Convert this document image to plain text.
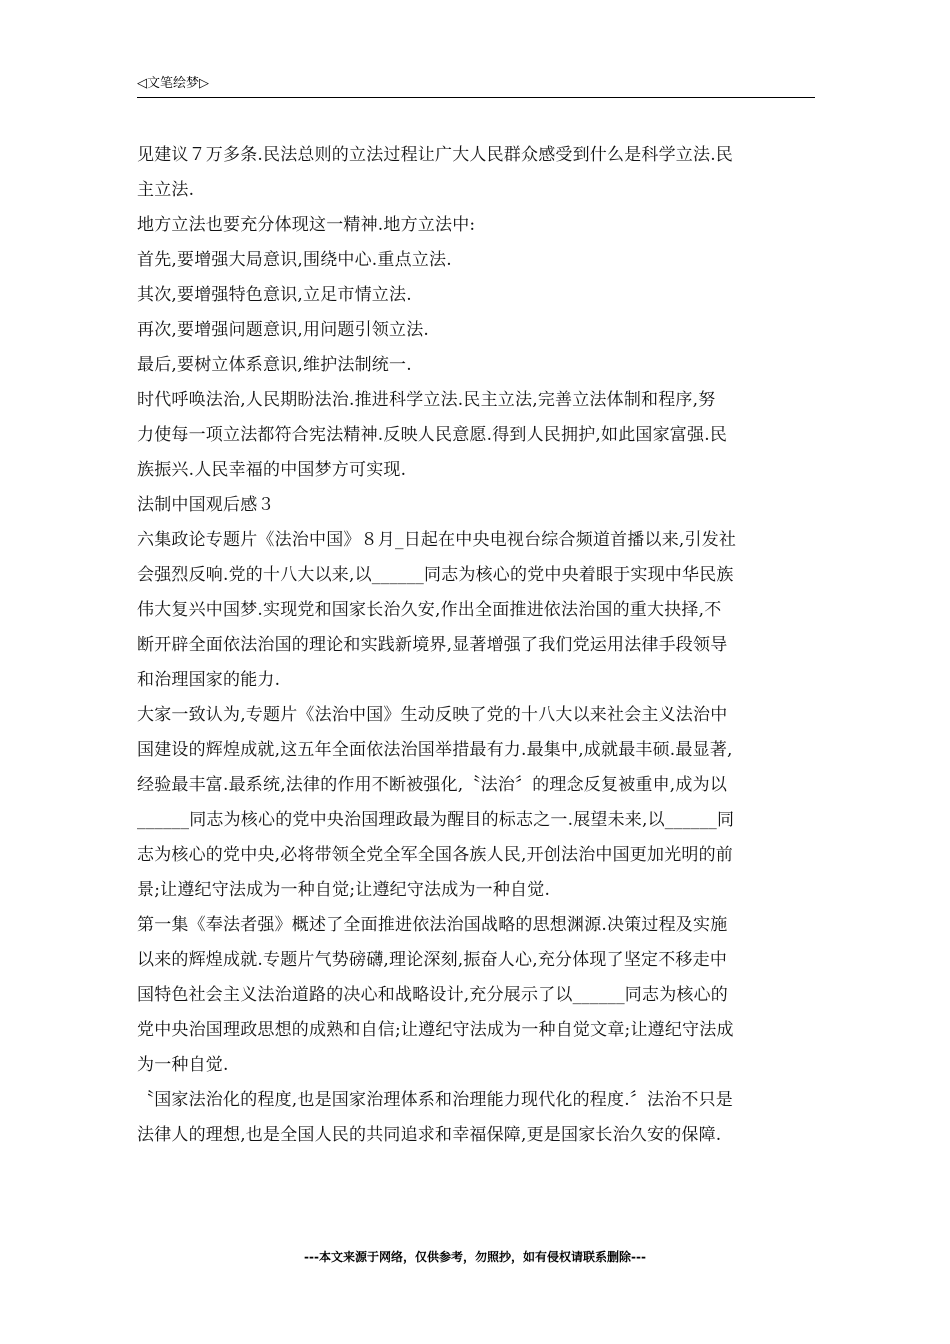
◁文笔绘梦▷
见建议７万多条.民法总则的立法过程让广大人民群众感受到什么是科学立法.民
主立法.
地方立法也要充分体现这一精神.地方立法中:
首先,要增强大局意识,围绕中心.重点立法.
其次,要增强特色意识,立足市情立法.
再次,要增强问题意识,用问题引领立法.
最后,要树立体系意识,维护法制统一.
时代呼唤法治,人民期盼法治.推进科学立法.民主立法,完善立法体制和程序,努
力使每一项立法都符合宪法精神.反映人民意愿.得到人民拥护,如此国家富强.民
族振兴.人民幸福的中国梦方可实现.
法制中国观后感３
六集政论专题片《法治中国》８月_日起在中央电视台综合频道首播以来,引发社
会强烈反响.党的十八大以来,以______同志为核心的党中央着眼于实现中华民族
伟大复兴中国梦.实现党和国家长治久安,作出全面推进依法治国的重大抉择,不
断开辟全面依法治国的理论和实践新境界,显著增强了我们党运用法律手段领导
和治理国家的能力.
大家一致认为,专题片《法治中国》生动反映了党的十八大以来社会主义法治中
国建设的辉煌成就,这五年全面依法治国举措最有力.最集中,成就最丰硕.最显著,
经验最丰富.最系统,法律的作用不断被强化,〝法治〞的理念反复被重申,成为以
______同志为核心的党中央治国理政最为醒目的标志之一.展望未来,以______同
志为核心的党中央,必将带领全党全军全国各族人民,开创法治中国更加光明的前
景;让遵纪守法成为一种自觉;让遵纪守法成为一种自觉.
第一集《奉法者强》概述了全面推进依法治国战略的思想渊源.决策过程及实施
以来的辉煌成就.专题片气势磅礴,理论深刻,振奋人心,充分体现了坚定不移走中
国特色社会主义法治道路的决心和战略设计,充分展示了以______同志为核心的
党中央治国理政思想的成熟和自信;让遵纪守法成为一种自觉文章;让遵纪守法成
为一种自觉.
〝国家法治化的程度,也是国家治理体系和治理能力现代化的程度.〞法治不只是
法律人的理想,也是全国人民的共同追求和幸福保障,更是国家长治久安的保障.
---本文来源于网络，仅供参考，勿照抄，如有侵权请联系删除---
